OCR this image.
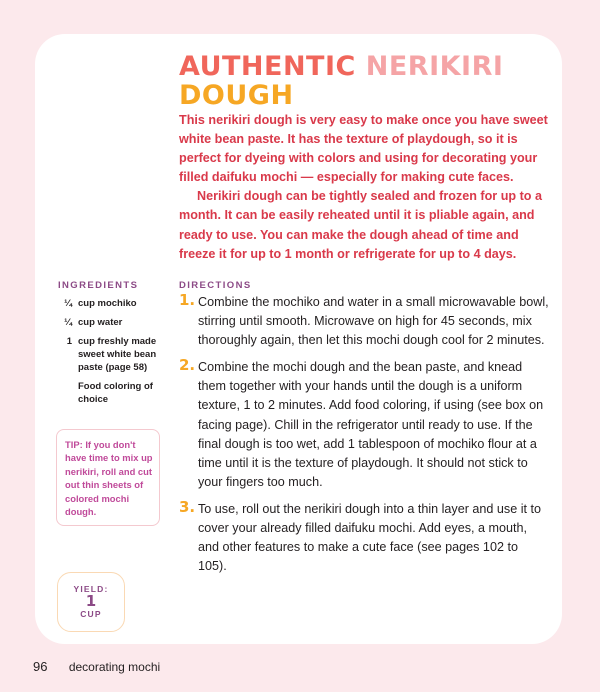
AUTHENTIC NERIKIRI
DOUGH

This nerikiri dough is very easy to make once you have sweet white bean paste. It has the texture of playdough, so it is perfect for dyeing with colors and using for decorating your filled daifuku mochi — especially for making cute faces.

Nerikiri dough can be tightly sealed and frozen for up to a month. It can be easily reheated until it is pliable again, and ready to use. You can make the dough ahead of time and freeze it for up to 1 month or refrigerate for up to 4 days.

INGREDIENTS
¼ cup mochiko
¼ cup water
1 cup freshly made sweet white bean paste (page 58)
Food coloring of choice
TIP: If you don't have time to mix up nerikiri, roll and cut out thin sheets of colored mochi dough.
YIELD:
1
CUP
DIRECTIONS
1. Combine the mochiko and water in a small microwavable bowl, stirring until smooth. Microwave on high for 45 seconds, mix thoroughly again, then let this mochi dough cool for 2 minutes.
2. Combine the mochi dough and the bean paste, and knead them together with your hands until the dough is a uniform texture, 1 to 2 minutes. Add food coloring, if using (see box on facing page). Chill in the refrigerator until ready to use. If the final dough is too wet, add 1 tablespoon of mochiko flour at a time until it is the texture of playdough. It should not stick to your fingers too much.
3. To use, roll out the nerikiri dough into a thin layer and use it to cover your already filled daifuku mochi. Add eyes, a mouth, and other features to make a cute face (see pages 102 to 105).
96 decorating mochi
